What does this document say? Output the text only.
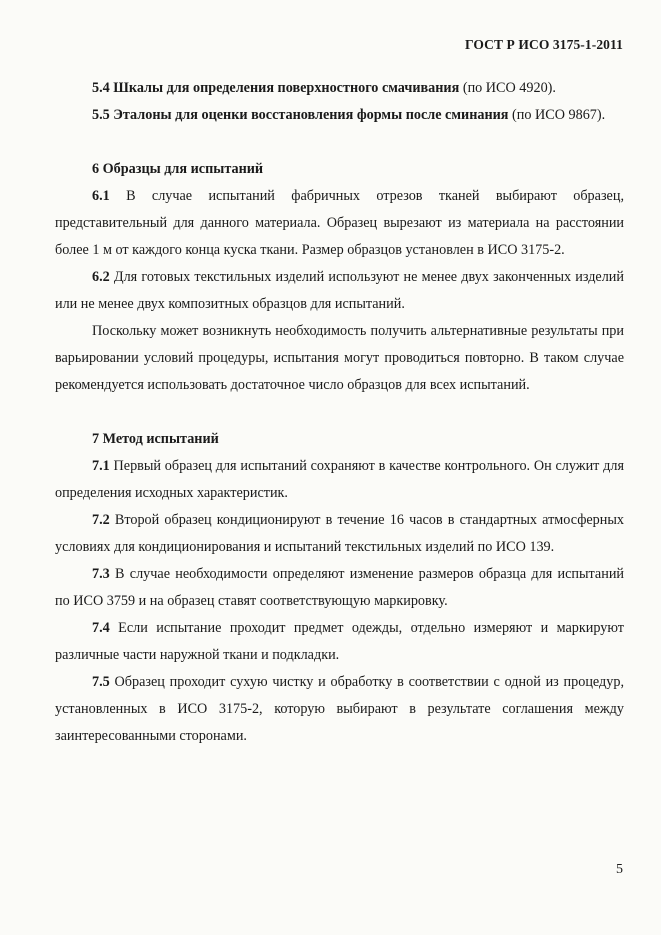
ГОСТ Р ИСО 3175-1-2011

5.4 Шкалы для определения поверхностного смачивания (по ИСО 4920).

5.5 Эталоны для оценки восстановления формы после сминания (по ИСО 9867).

6 Образцы для испытаний

6.1 В случае испытаний фабричных отрезов тканей выбирают образец, представительный для данного материала. Образец вырезают из материала на расстоянии более 1 м от каждого конца куска ткани. Размер образцов установлен в ИСО 3175-2.

6.2 Для готовых текстильных изделий используют не менее двух законченных изделий или не менее двух композитных образцов для испытаний.

Поскольку может возникнуть необходимость получить альтернативные результаты при варьировании условий процедуры, испытания могут проводиться повторно. В таком случае рекомендуется использовать достаточное число образцов для всех испытаний.

7 Метод испытаний

7.1 Первый образец для испытаний сохраняют в качестве контрольного. Он служит для определения исходных характеристик.

7.2 Второй образец кондиционируют в течение 16 часов в стандартных атмосферных условиях для кондиционирования и испытаний текстильных изделий по ИСО 139.

7.3 В случае необходимости определяют изменение размеров образца для испытаний по ИСО 3759 и на образец ставят соответствующую маркировку.

7.4 Если испытание проходит предмет одежды, отдельно измеряют и маркируют различные части наружной ткани и подкладки.

7.5 Образец проходит сухую чистку и обработку в соответствии с одной из процедур, установленных в ИСО 3175-2, которую выбирают в результате соглашения между заинтересованными сторонами.

5
